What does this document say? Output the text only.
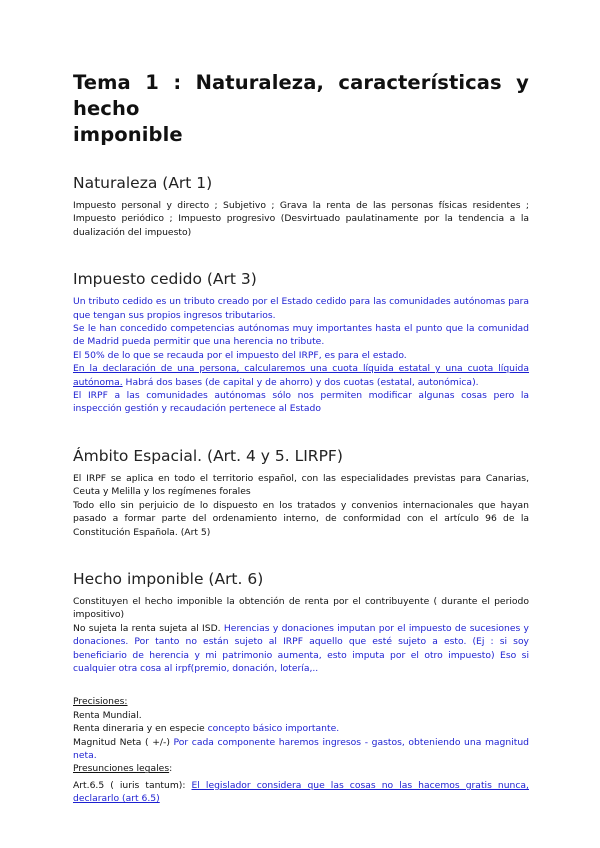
Tema 1 : Naturaleza, características y hecho
imponible
Naturaleza (Art 1)

Impuesto personal y directo ; Subjetivo ; Grava la renta de las personas físicas residentes ; Impuesto periódico ; Impuesto progresivo (Desvirtuado paulatinamente por la tendencia a la dualización del impuesto)

Impuesto cedido (Art 3)

Un tributo cedido es un tributo creado por el Estado cedido para las comunidades autónomas para que tengan sus propios ingresos tributarios.

Se le han concedido competencias autónomas muy importantes hasta el punto que la comunidad de Madrid pueda permitir que una herencia no tribute.

El 50% de lo que se recauda por el impuesto del IRPF, es para el estado.

En la declaración de una persona, calcularemos una cuota líquida estatal y una cuota líquida autónoma. Habrá dos bases (de capital y de ahorro) y dos cuotas (estatal, autonómica).

El IRPF a las comunidades autónomas sólo nos permiten modificar algunas cosas pero la inspección gestión y recaudación pertenece al Estado

Ámbito Espacial. (Art. 4 y 5. LIRPF)

El IRPF se aplica en todo el territorio español, con las especialidades previstas para Canarias, Ceuta y Melilla y los regímenes forales

Todo ello sin perjuicio de lo dispuesto en los tratados y convenios internacionales que hayan pasado a formar parte del ordenamiento interno, de conformidad con el artículo 96 de la Constitución Española. (Art 5)

Hecho imponible (Art. 6)

Constituyen el hecho imponible la obtención de renta por el contribuyente ( durante el periodo impositivo)

No sujeta la renta sujeta al ISD. Herencias y donaciones imputan por el impuesto de sucesiones y donaciones. Por tanto no están sujeto al IRPF aquello que esté sujeto a esto. (Ej : si soy beneficiario de herencia y mi patrimonio aumenta, esto imputa por el otro impuesto) Eso si cualquier otra cosa al irpf(premio, donación, lotería,..

Precisiones:

Renta Mundial.

Renta dineraria y en especie concepto básico importante.

Magnitud Neta ( +/-) Por cada componente haremos ingresos - gastos, obteniendo una magnitud neta.

Presunciones legales:

Art.6.5 ( iuris tantum): El legislador considera que las cosas no las hacemos gratis nunca, declararlo (art 6.5)
